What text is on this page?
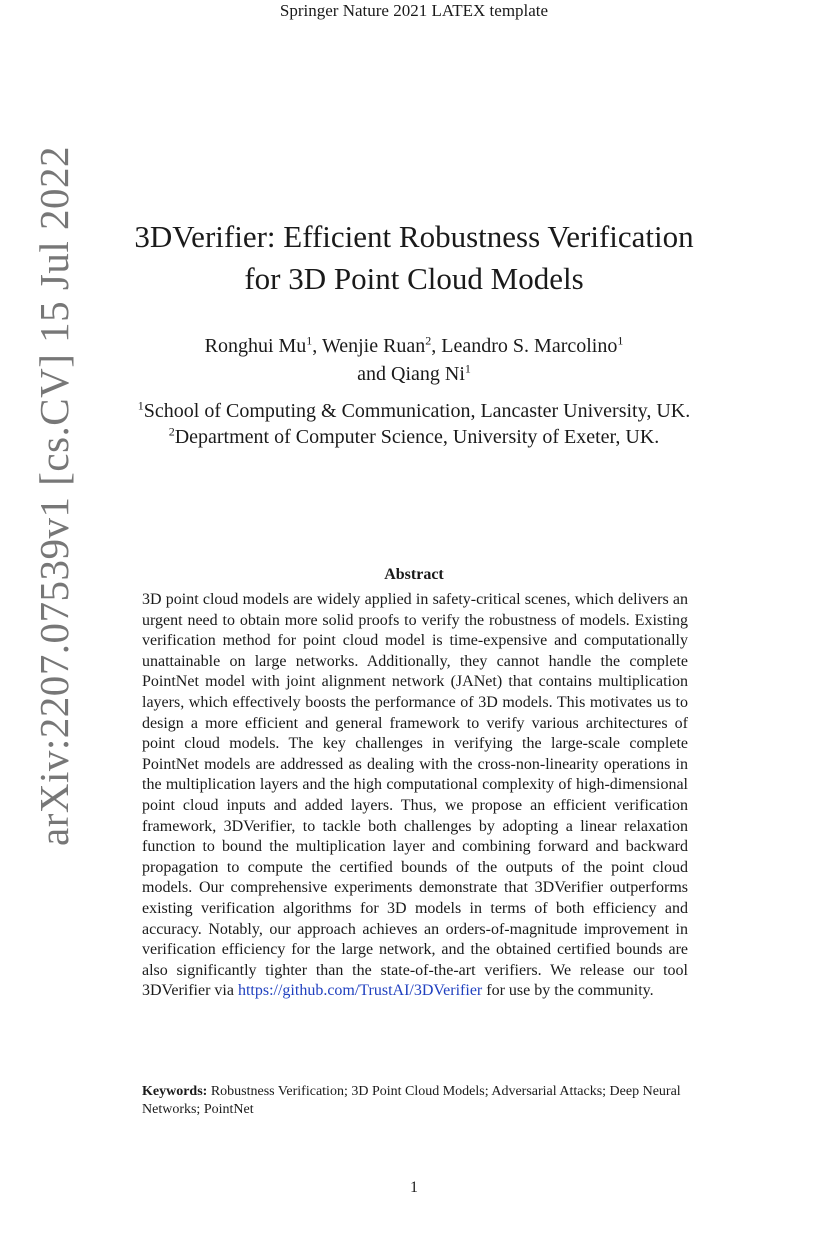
Springer Nature 2021 LATEX template
arXiv:2207.07539v1 [cs.CV] 15 Jul 2022	3DVerifier: Efficient Robustness Verification
for 3D Point Cloud Models
Ronghui Mu$^1$, Wenjie Ruan$^2$, Leandro S. Marcolino$^1$
and Qiang Ni$^1$
$^1$School of Computing & Communication, Lancaster University, UK.
$^2$Department of Computer Science, University of Exeter, UK.
Abstract
3D point cloud models are widely applied in safety-critical scenes, which delivers an urgent need to obtain more solid proofs to verify the robustness of models. Existing verification method for point cloud model is time-expensive and computationally unattainable on large networks. Additionally, they cannot handle the complete PointNet model with joint alignment network (JANet) that contains multiplication layers, which effectively boosts the performance of 3D models. This motivates us to design a more efficient and general framework to verify various architectures of point cloud models. The key challenges in verifying the large-scale complete PointNet models are addressed as dealing with the cross-non-linearity operations in the multiplication layers and the high computational complexity of high-dimensional point cloud inputs and added layers. Thus, we propose an efficient verification framework, 3DVerifier, to tackle both challenges by adopting a linear relaxation function to bound the multiplication layer and combining forward and backward propagation to compute the certified bounds of the outputs of the point cloud models. Our comprehensive experiments demonstrate that 3DVerifier outperforms existing verification algorithms for 3D models in terms of both efficiency and accuracy. Notably, our approach achieves an orders-of-magnitude improvement in verification efficiency for the large network, and the obtained certified bounds are also significantly tighter than the state-of-the-art verifiers. We release our tool 3DVerifier via https://github.com/TrustAI/3DVerifier for use by the community.
Keywords: Robustness Verification; 3D Point Cloud Models; Adversarial Attacks; Deep Neural Networks; PointNet
1
